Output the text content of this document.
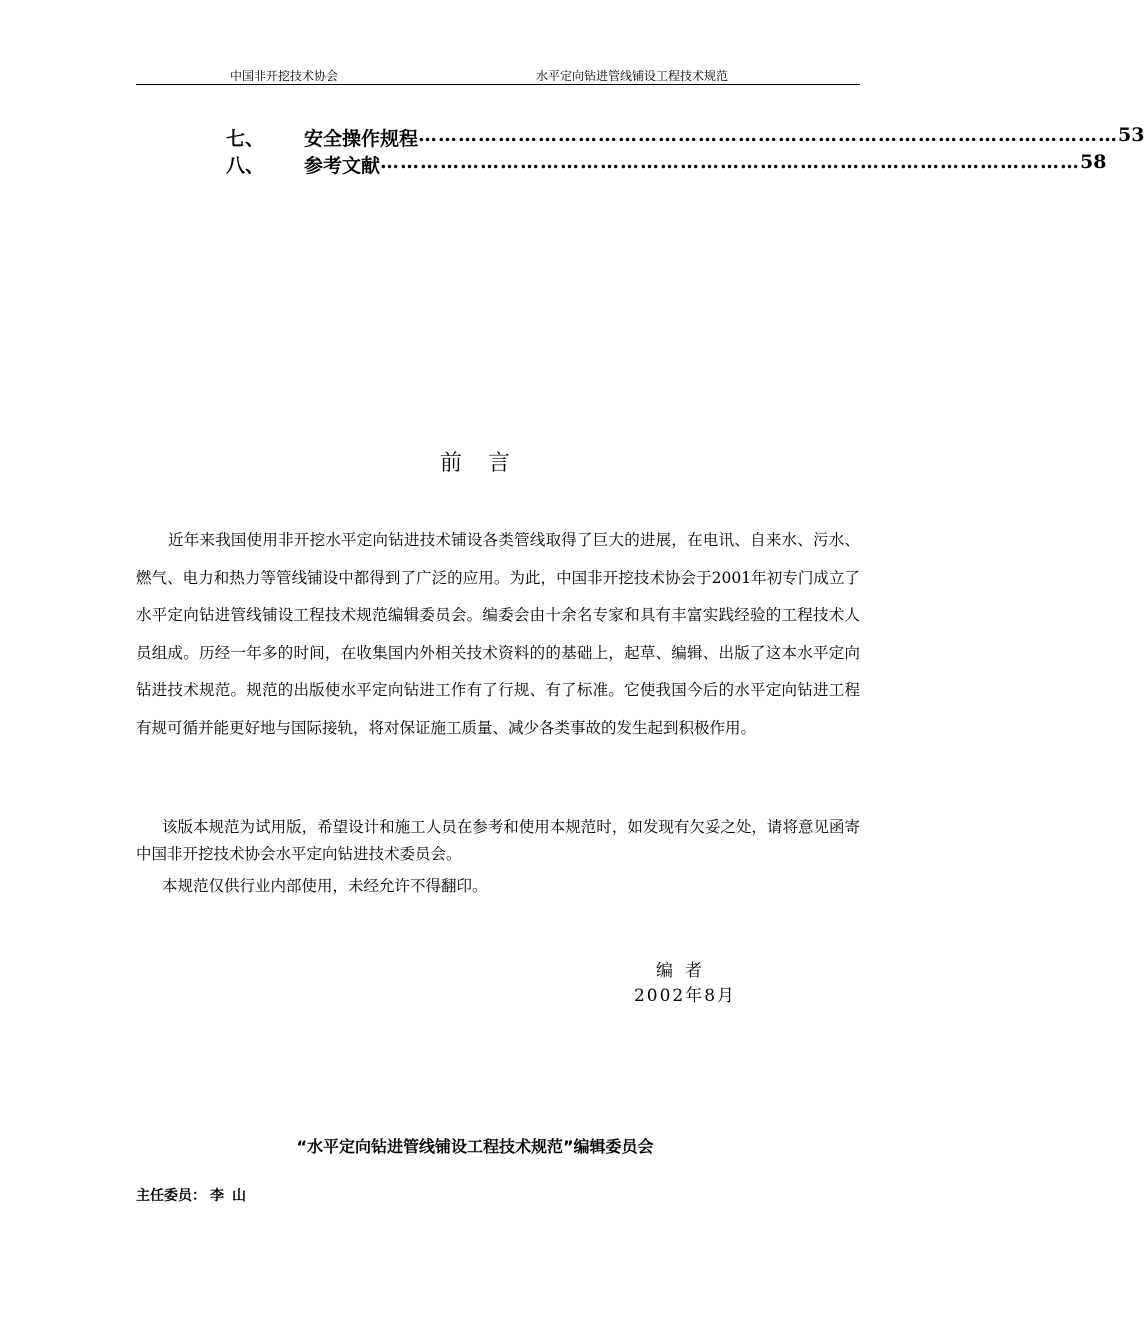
中国非开挖技术协会	水平定向钻进管线铺设工程技术规范
七、 安全操作规程 …………………………………………………………………………………………… 53
八、 参考文献 …………………………………………………………………………………………… 58
前言

近年来我国使用非开挖水平定向钻进技术铺设各类管线取得了巨大的进展，在电讯、自来水、污水、燃气、电力和热力等管线铺设中都得到了广泛的应用。为此，中国非开挖技术协会于2001年初专门成立了水平定向钻进管线铺设工程技术规范编辑委员会。编委会由十余名专家和具有丰富实践经验的工程技术人员组成。历经一年多的时间，在收集国内外相关技术资料的的基础上，起草、编辑、出版了这本水平定向钻进技术规范。规范的出版使水平定向钻进工作有了行规、有了标准。它使我国今后的水平定向钻进工程有规可循并能更好地与国际接轨，将对保证施工质量、减少各类事故的发生起到积极作用。

该版本规范为试用版，希望设计和施工人员在参考和使用本规范时，如发现有欠妥之处，请将意见函寄中国非开挖技术协会水平定向钻进技术委员会。

本规范仅供行业内部使用，未经允许不得翻印。

编者
2002年8月
“水平定向钻进管线铺设工程技术规范”编辑委员会
主任委员： 李山
